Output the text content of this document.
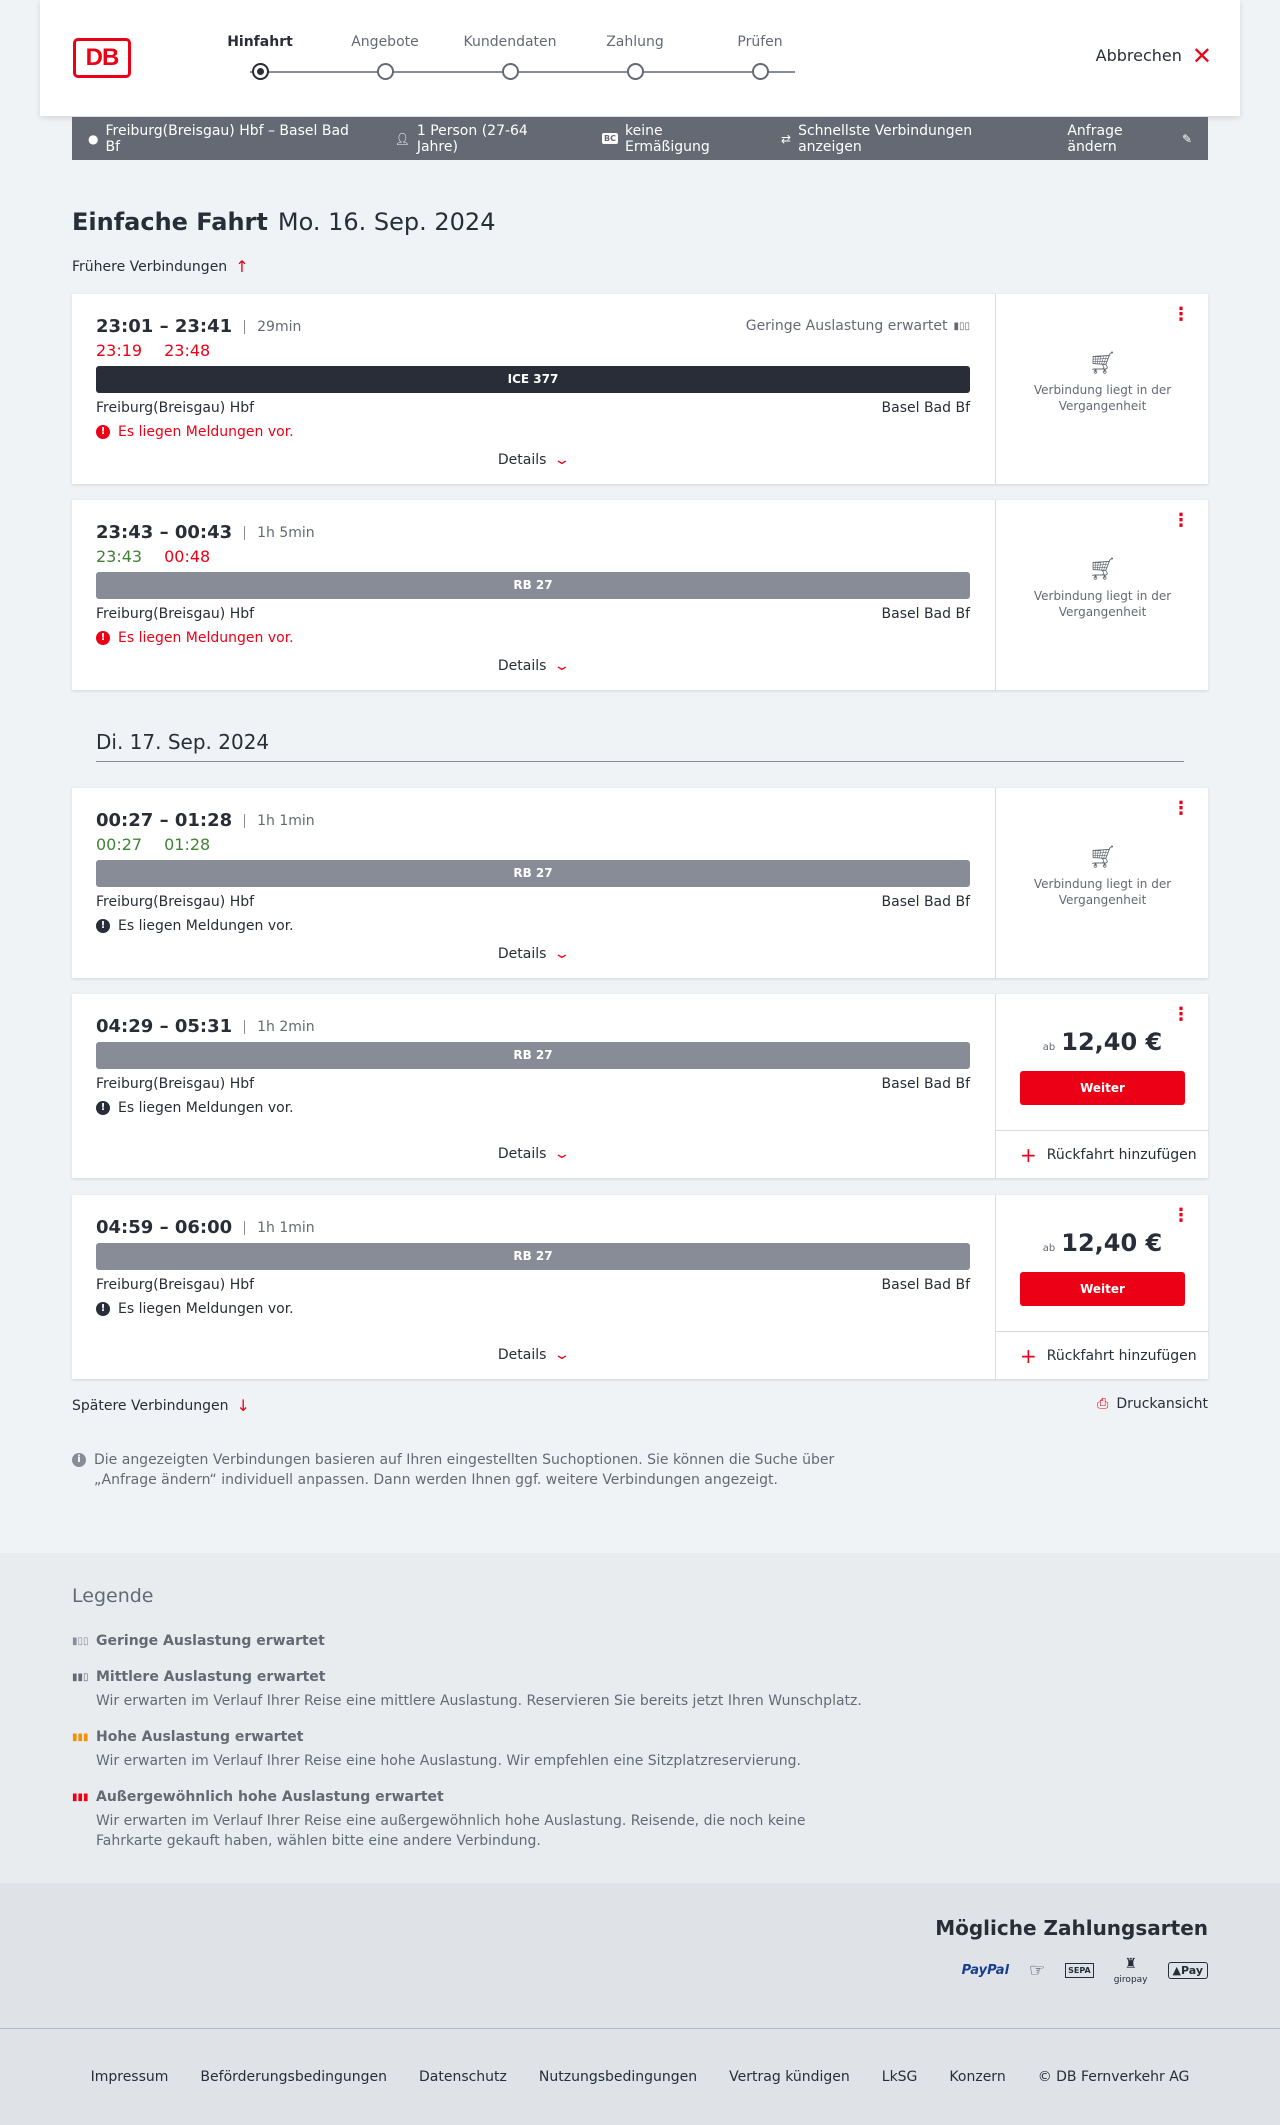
DB
Hinfahrt	Angebote	Kundendaten	Zahlung	Prüfen
Abbrechen ✕
● Freiburg(Breisgau) Hbf – Basel Bad Bf	👤︎ 1 Person (27-64 Jahre)	BC keine Ermäßigung	⇄ Schnellste Verbindungen anzeigen
Anfrage ändern	✎
Einfache Fahrt Mo. 16. Sep. 2024
Frühere Verbindungen ↑
23:01 – 23:41	29min
23:19 23:48
Geringe Auslastung erwartet ▮▯▯
ICE 377
Freiburg(Breisgau) Hbf	Basel Bad Bf
! Es liegen Meldungen vor.
Details ⌄
⋮
🛒︎
Verbindung liegt in der Vergangenheit
23:43 – 00:43	1h 5min
23:43 00:48
RB 27
Freiburg(Breisgau) Hbf	Basel Bad Bf
! Es liegen Meldungen vor.
Details ⌄
⋮
🛒︎
Verbindung liegt in der Vergangenheit
Di. 17. Sep. 2024
00:27 – 01:28	1h 1min
00:27 01:28
RB 27
Freiburg(Breisgau) Hbf	Basel Bad Bf
! Es liegen Meldungen vor.
Details ⌄
⋮
🛒︎
Verbindung liegt in der Vergangenheit
04:29 – 05:31	1h 2min
RB 27
Freiburg(Breisgau) Hbf	Basel Bad Bf
! Es liegen Meldungen vor.
Details ⌄
⋮
ab 12,40 €
Weiter
+ Rückfahrt hinzufügen
04:59 – 06:00	1h 1min
RB 27
Freiburg(Breisgau) Hbf	Basel Bad Bf
! Es liegen Meldungen vor.
Details ⌄
⋮
ab 12,40 €
Weiter
+ Rückfahrt hinzufügen
Spätere Verbindungen ↓	⎙ Druckansicht
i Die angezeigten Verbindungen basieren auf Ihren eingestellten Suchoptionen. Sie können die Suche über „Anfrage ändern“ individuell anpassen. Dann werden Ihnen ggf. weitere Verbindungen angezeigt.
Legende
▮▯▯ Geringe Auslastung erwartet
▮▮▯ Mittlere Auslastung erwartet
Wir erwarten im Verlauf Ihrer Reise eine mittlere Auslastung. Reservieren Sie bereits jetzt Ihren Wunschplatz.
▮▮▮ Hohe Auslastung erwartet
Wir erwarten im Verlauf Ihrer Reise eine hohe Auslastung. Wir empfehlen eine Sitzplatzreservierung.
▮▮▮ Außergewöhnlich hohe Auslastung erwartet
Wir erwarten im Verlauf Ihrer Reise eine außergewöhnlich hohe Auslastung. Reisende, die noch keine Fahrkarte gekauft haben, wählen bitte eine andere Verbindung.
Mögliche Zahlungsarten
PayPal ☞	SEPA	♜
giropay
▲Pay
Impressum Beförderungsbedingungen Datenschutz Nutzungsbedingungen Vertrag kündigen LkSG Konzern © DB Fernverkehr AG
